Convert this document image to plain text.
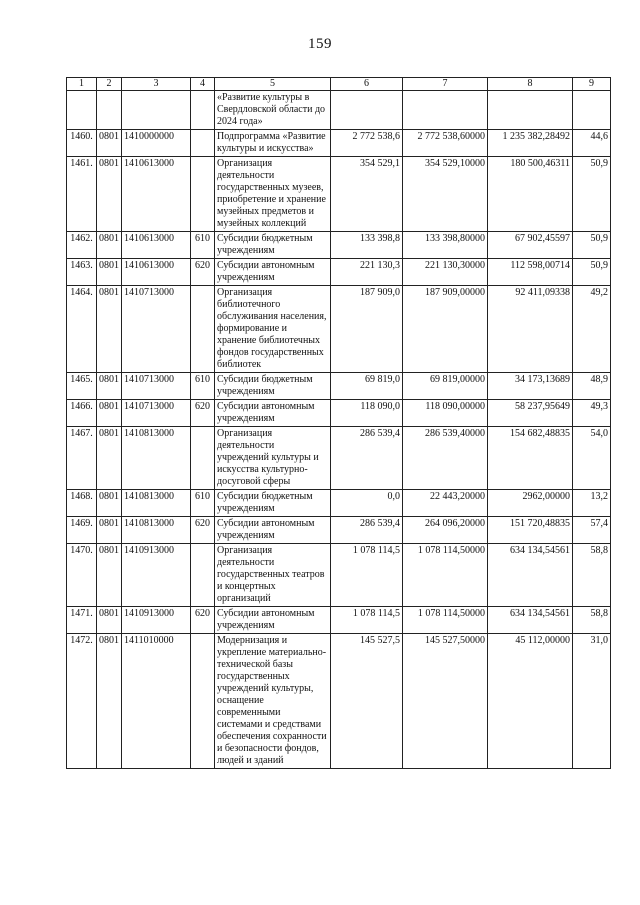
159
1	2	3	4	5	6	7	8	9
				«Развитие культуры в Свердловской области до 2024 года»				
1460.	0801	1410000000		Подпрограмма «Развитие культуры и искусства»	2 772 538,6	2 772 538,60000	1 235 382,28492	44,6
1461.	0801	1410613000		Организация деятельности государственных музеев, приобретение и хранение музейных предметов и музейных коллекций	354 529,1	354 529,10000	180 500,46311	50,9
1462.	0801	1410613000	610	Субсидии бюджетным учреждениям	133 398,8	133 398,80000	67 902,45597	50,9
1463.	0801	1410613000	620	Субсидии автономным учреждениям	221 130,3	221 130,30000	112 598,00714	50,9
1464.	0801	1410713000		Организация библиотечного обслуживания населения, формирование и хранение библиотечных фондов государственных библиотек	187 909,0	187 909,00000	92 411,09338	49,2
1465.	0801	1410713000	610	Субсидии бюджетным учреждениям	69 819,0	69 819,00000	34 173,13689	48,9
1466.	0801	1410713000	620	Субсидии автономным учреждениям	118 090,0	118 090,00000	58 237,95649	49,3
1467.	0801	1410813000		Организация деятельности учреждений культуры и искусства культурно-досуговой сферы	286 539,4	286 539,40000	154 682,48835	54,0
1468.	0801	1410813000	610	Субсидии бюджетным учреждениям	0,0	22 443,20000	2962,00000	13,2
1469.	0801	1410813000	620	Субсидии автономным учреждениям	286 539,4	264 096,20000	151 720,48835	57,4
1470.	0801	1410913000		Организация деятельности государственных театров и концертных организаций	1 078 114,5	1 078 114,50000	634 134,54561	58,8
1471.	0801	1410913000	620	Субсидии автономным учреждениям	1 078 114,5	1 078 114,50000	634 134,54561	58,8
1472.	0801	1411010000		Модернизация и укрепление материально-технической базы государственных учреждений культуры, оснащение современными системами и средствами обеспечения сохранности и безопасности фондов, людей и зданий	145 527,5	145 527,50000	45 112,00000	31,0
